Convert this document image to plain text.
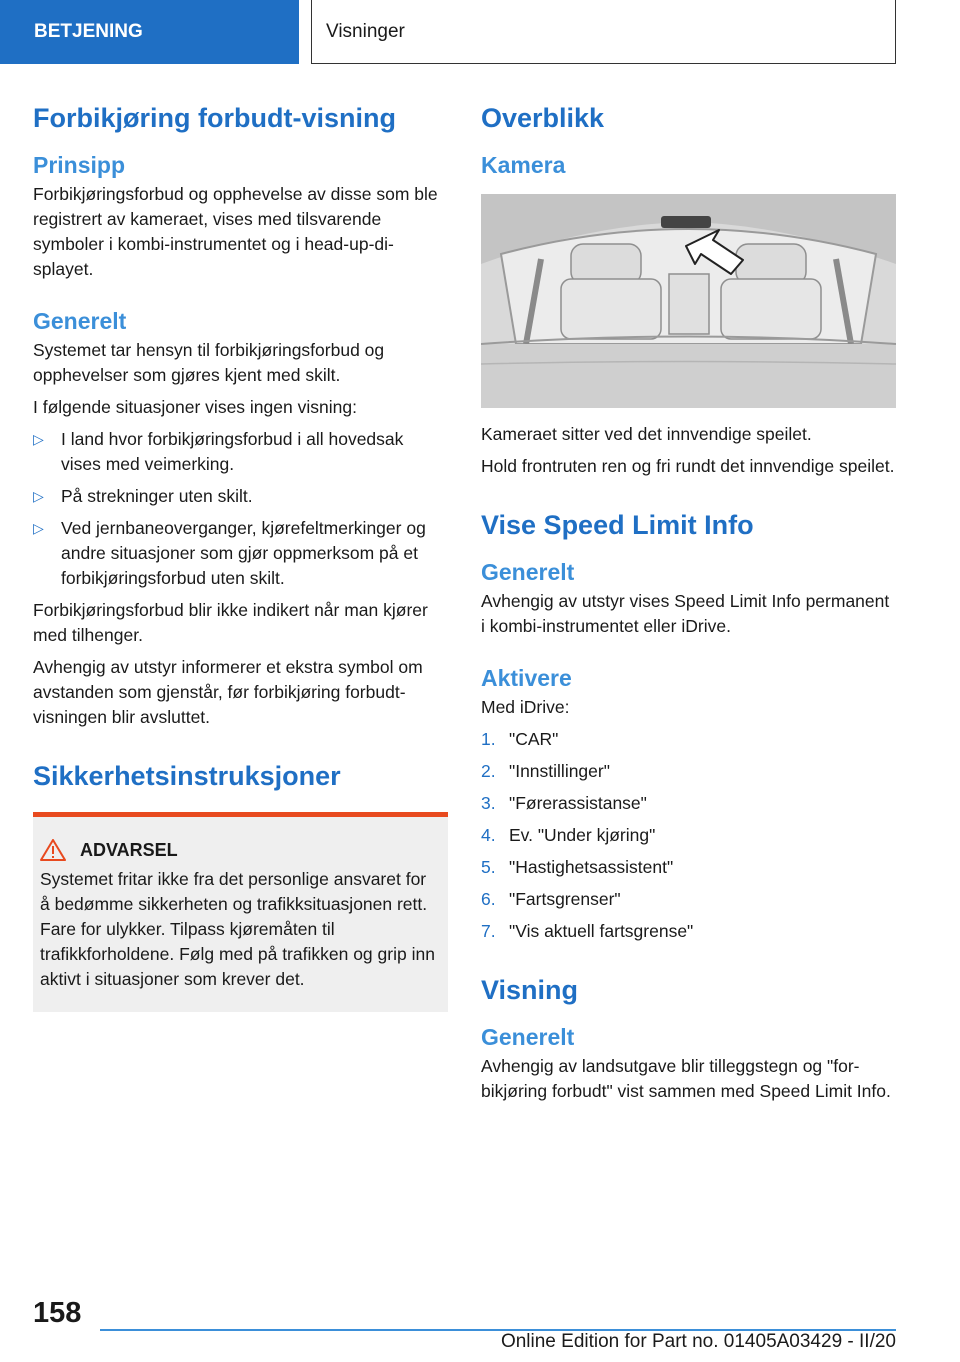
BETJENING	Visninger
Forbikjøring forbudt-visning
Prinsipp

Forbikjøringsforbud og opphevelse av disse som ble registrert av kameraet, vises med tilsvarende symboler i kombi-instrumentet og i head-up-displayet.

Generelt

Systemet tar hensyn til forbikjøringsforbud og opphevelser som gjøres kjent med skilt.

I følgende situasjoner vises ingen visning:

▷ I land hvor forbikjøringsforbud i all hovedsak vises med veimerking.
▷ På strekninger uten skilt.
▷ Ved jernbaneoverganger, kjørefeltmerkinger og andre situasjoner som gjør oppmerksom på et forbikjøringsforbud uten skilt.

Forbikjøringsforbud blir ikke indikert når man kjører med tilhenger.

Avhengig av utstyr informerer et ekstra symbol om avstanden som gjenstår, før forbikjøring forbudt-visningen blir avsluttet.

Sikkerhetsinstruksjoner
ADVARSEL

Systemet fritar ikke fra det personlige ansvaret for å bedømme sikkerheten og trafikksituasjonen rett. Fare for ulykker. Tilpass kjøremåten til trafikkforholdene. Følg med på trafikken og grip inn aktivt i situasjoner som krever det.

Overblikk
Kamera

Kameraet sitter ved det innvendige speilet.

Hold frontruten ren og fri rundt det innvendige speilet.

Vise Speed Limit Info
Generelt

Avhengig av utstyr vises Speed Limit Info permanent i kombi-instrumentet eller iDrive.

Aktivere

Med iDrive:

1. "CAR"
2. "Innstillinger"
3. "Førerassistanse"
4. Ev. "Under kjøring"
5. "Hastighetsassistent"
6. "Fartsgrenser"
7. "Vis aktuell fartsgrense"
Visning
Generelt

Avhengig av landsutgave blir tilleggstegn og "forbikjøring forbudt" vist sammen med Speed Limit Info.

158
Online Edition for Part no. 01405A03429 - II/20
